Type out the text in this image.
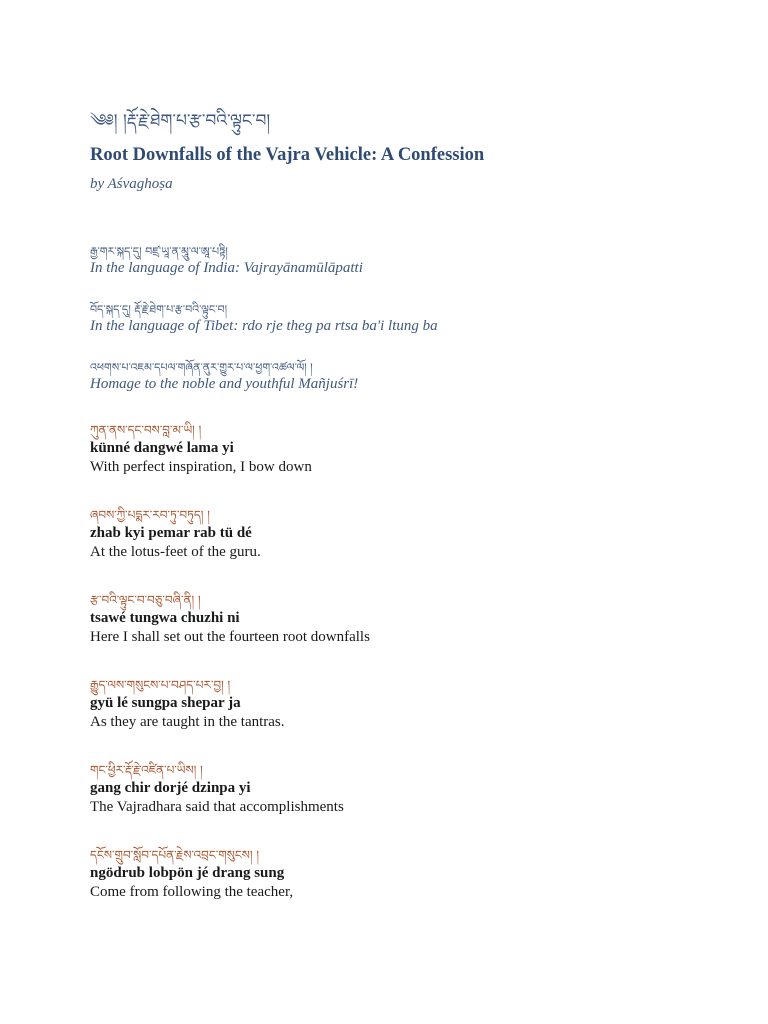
༄༅། །རྡོ་རྗེ་ཐེག་པ་རྩ་བའི་ལྟུང་བ།
Root Downfalls of the Vajra Vehicle: A Confession
by Aśvaghoṣa
རྒྱ་གར་སྐད་དུ། བཛྲ་ཡཱ་ན་མཱུ་ལ་ཨཱ་པཏྟི།
In the language of India: Vajrayānamūlāpatti
བོད་སྐད་དུ། རྡོ་རྗེ་ཐེག་པ་རྩ་བའི་ལྟུང་བ།
In the language of Tibet: rdo rje theg pa rtsa ba'i ltung ba
འཕགས་པ་འཇམ་དཔལ་གཞོན་ནུར་གྱུར་པ་ལ་ཕྱག་འཚལ་ལོ། །
Homage to the noble and youthful Mañjuśrī!
ཀུན་ནས་དང་བས་བླ་མ་ཡི། །
künné dangwé lama yi
With perfect inspiration, I bow down
ཞབས་ཀྱི་པདྨར་རབ་ཏུ་བཏུད། །
zhab kyi pemar rab tü dé
At the lotus-feet of the guru.
རྩ་བའི་ལྟུང་བ་བཅུ་བཞི་ནི། །
tsawé tungwa chuzhi ni
Here I shall set out the fourteen root downfalls
རྒྱུད་ལས་གསུངས་པ་བཤད་པར་བྱ། །
gyü lé sungpa shepar ja
As they are taught in the tantras.
གང་ཕྱིར་རྡོ་རྗེ་འཛིན་པ་ཡིས། །
gang chir dorjé dzinpa yi
The Vajradhara said that accomplishments
དངོས་གྲུབ་སློབ་དཔོན་རྗེས་འབྲང་གསུངས། །
ngödrub lobpön jé drang sung
Come from following the teacher,
